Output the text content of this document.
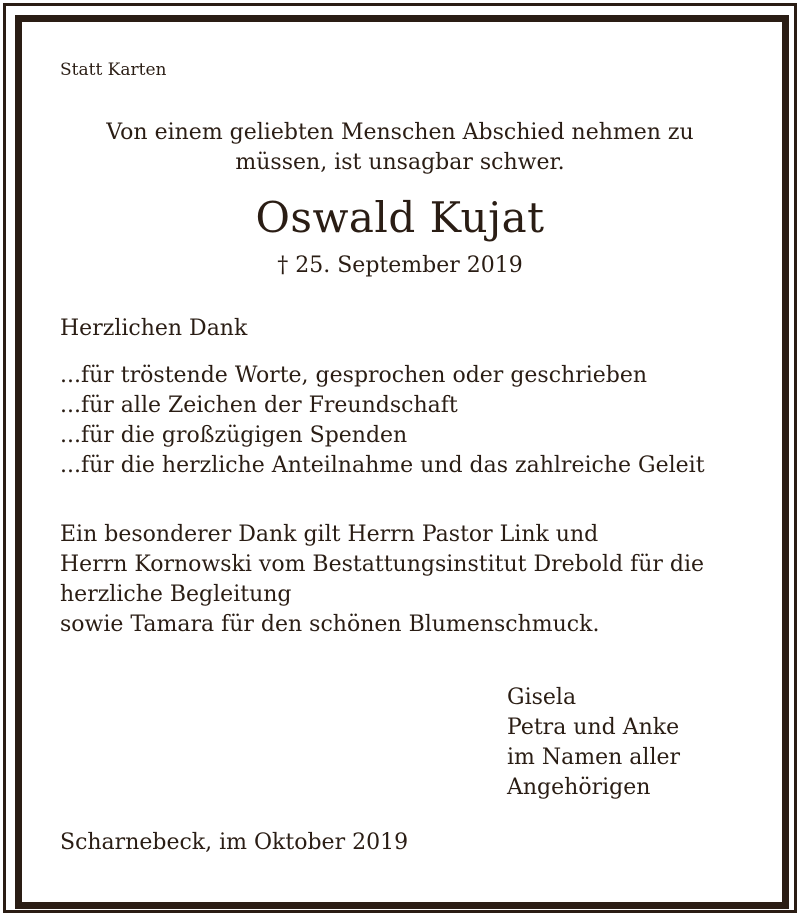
Statt Karten

Von einem geliebten Menschen Abschied nehmen zu

müssen, ist unsagbar schwer.

Oswald Kujat

† 25. September 2019

Herzlichen Dank

...für tröstende Worte, gesprochen oder geschrieben
...für alle Zeichen der Freundschaft
...für die großzügigen Spenden
...für die herzliche Anteilnahme und das zahlreiche Geleit
Ein besonderer Dank gilt Herrn Pastor Link und
Herrn Kornowski vom Bestattungsinstitut Drebold für die
herzliche Begleitung
sowie Tamara für den schönen Blumenschmuck.
Gisela
Petra und Anke
im Namen aller
Angehörigen

Scharnebeck, im Oktober 2019
